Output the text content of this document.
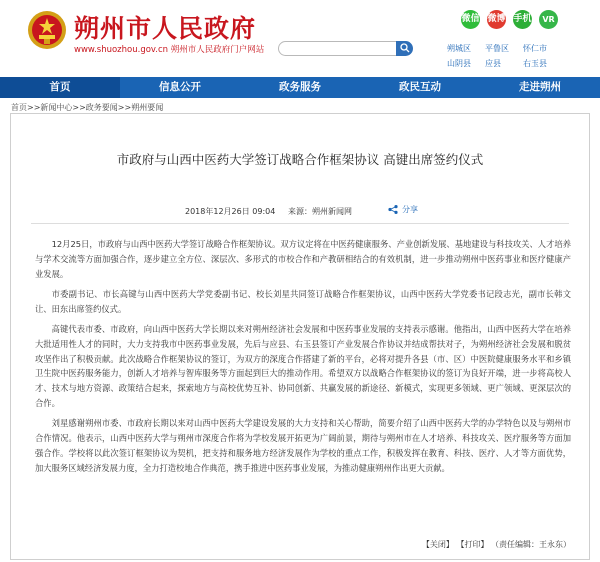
朔州市人民政府
www.shuozhou.gov.cn 朔州市人民政府门户网站
微信 微博 手机	VR
朔城区	平鲁区	怀仁市
山阴县	应县	右玉县
首页	信息公开	政务服务	政民互动	走进朔州
首页>>新闻中心>>政务要闻>>朔州要闻
市政府与山西中医药大学签订战略合作框架协议 高键出席签约仪式
2018年12月26日 09:04 来源：朔州新闻网	分享

12月25日，市政府与山西中医药大学签订战略合作框架协议。双方议定将在中医药健康服务、产业创新发展、基地建设与科技攻关、人才培养与学术交流等方面加强合作，逐步建立全方位、深层次、多形式的市校合作和产教研相结合的有效机制，进一步推动朔州中医药事业和医疗健康产业发展。

市委副书记、市长高键与山西中医药大学党委副书记、校长刘星共同签订战略合作框架协议，山西中医药大学党委书记段志光，副市长韩文让、田东出席签约仪式。

高键代表市委、市政府，向山西中医药大学长期以来对朔州经济社会发展和中医药事业发展的支持表示感谢。他指出，山西中医药大学在培养大批适用性人才的同时，大力支持我市中医药事业发展，先后与应县、右玉县签订产业发展合作协议并结成帮扶对子，为朔州经济社会发展和脱贫攻坚作出了积极贡献。此次战略合作框架协议的签订，为双方的深度合作搭建了新的平台，必将对提升各县（市、区）中医院健康服务水平和乡镇卫生院中医药服务能力，创新人才培养与智库服务等方面起到巨大的推动作用。希望双方以战略合作框架协议的签订为良好开端，进一步将高校人才、技术与地方资源、政策结合起来，探索地方与高校优势互补、协同创新、共赢发展的新途径、新模式，实现更多领域、更广领域、更深层次的合作。

刘星感谢朔州市委、市政府长期以来对山西中医药大学建设发展的大力支持和关心帮助，简要介绍了山西中医药大学的办学特色以及与朔州市合作情况。他表示，山西中医药大学与朔州市深度合作将为学校发展开拓更为广阔前景，期待与朔州市在人才培养、科技攻关、医疗服务等方面加强合作。学校将以此次签订框架协议为契机，把支持和服务地方经济发展作为学校的重点工作，积极发挥在教育、科技、医疗、人才等方面优势，加大服务区域经济发展力度，全力打造校地合作典范，携手推进中医药事业发展，为推动健康朔州作出更大贡献。

【关闭】 【打印】 （责任编辑：王永东）
